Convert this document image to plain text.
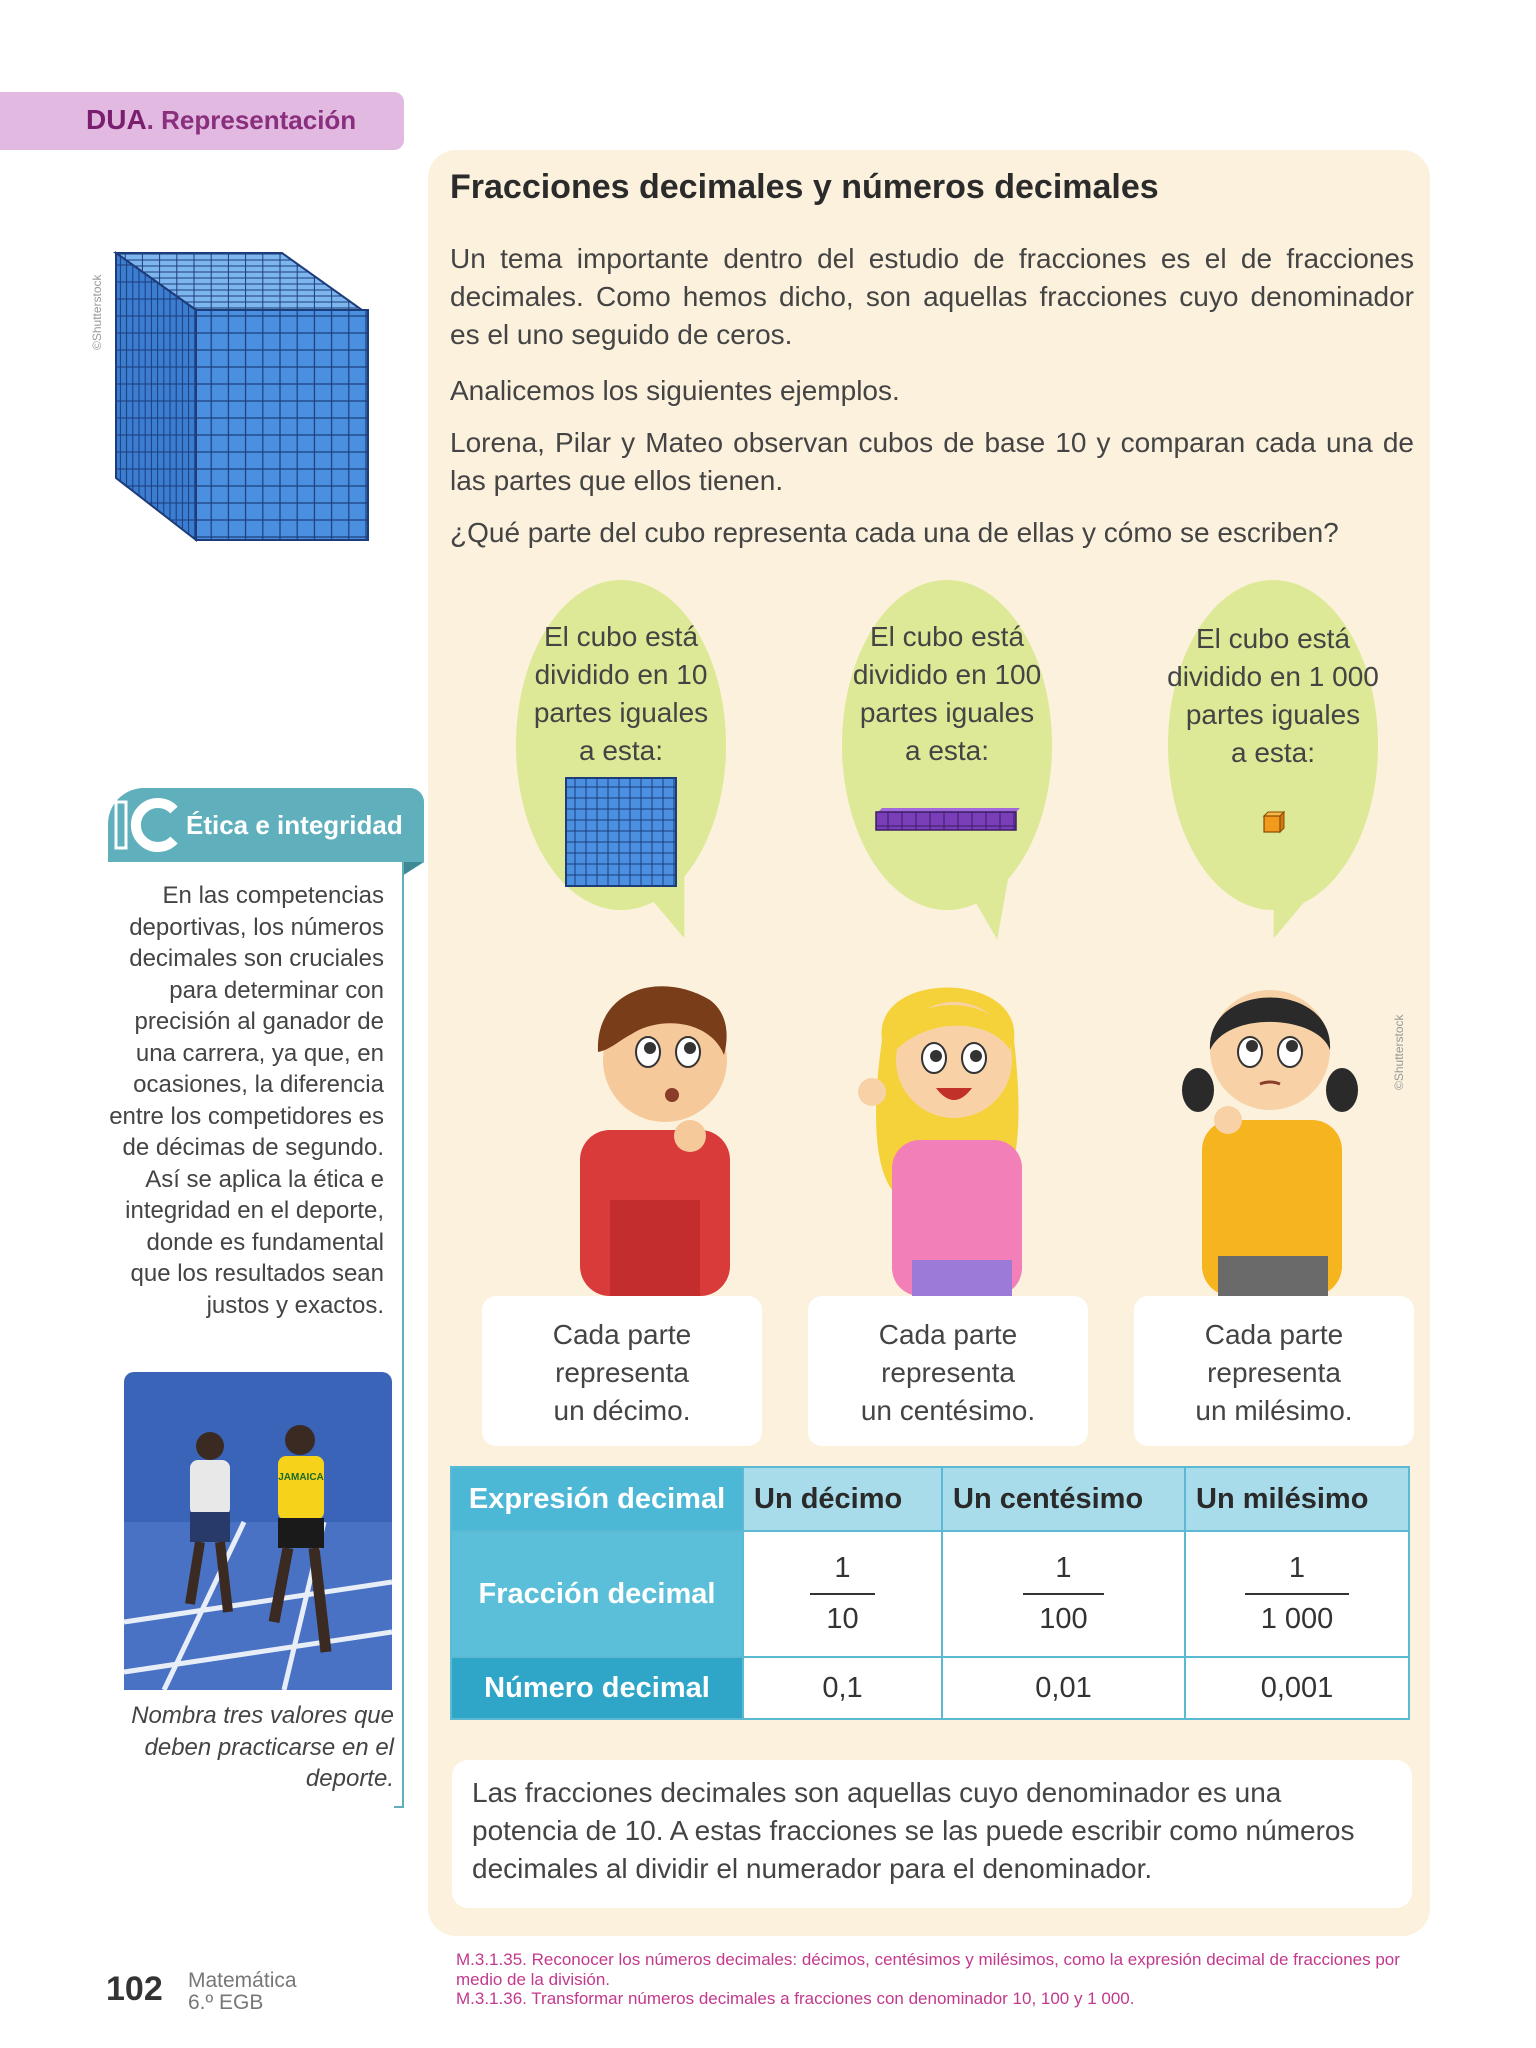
DUA. Representación
©Shutterstock
Fracciones decimales y números decimales

Un tema importante dentro del estudio de fracciones es el de fracciones decimales. Como hemos dicho, son aquellas fracciones cuyo denominador es el uno seguido de ceros.

Analicemos los siguientes ejemplos.

Lorena, Pilar y Mateo observan cubos de base 10 y comparan cada una de las partes que ellos tienen.

¿Qué parte del cubo representa cada una de ellas y cómo se escriben?

El cubo está
dividido en 10
partes iguales
a esta:
El cubo está
dividido en 100
partes iguales
a esta:
El cubo está
dividido en 1 000
partes iguales
a esta:
©Shutterstock
Cada parte
representa
un décimo.
Cada parte
representa
un centésimo.
Cada parte
representa
un milésimo.
Expresión decimal	Un décimo	Un centésimo	Un milésimo
Fracción decimal	$\frac{1}{10}$	$\frac{1}{100}$	$\frac{1}{1 000}$

Número decimal	0,1	0,01	0,001
Las fracciones decimales son aquellas cuyo denominador es una potencia de 10. A estas fracciones se las puede escribir como números decimales al dividir el numerador para el denominador.
Ética e integridad
En las competencias deportivas, los números decimales son cruciales para determinar con precisión al ganador de una carrera, ya que, en ocasiones, la diferencia entre los competidores es de décimas de segundo. Así se aplica la ética e integridad en el deporte, donde es fundamental que los resultados sean justos y exactos.
JAMAICA
Nombra tres valores que deben practicarse en el deporte.
102 Matemática
6.º EGB
M.3.1.35. Reconocer los números decimales: décimos, centésimos y milésimos, como la expresión decimal de fracciones por medio de la división.
M.3.1.36. Transformar números decimales a fracciones con denominador 10, 100 y 1 000.
